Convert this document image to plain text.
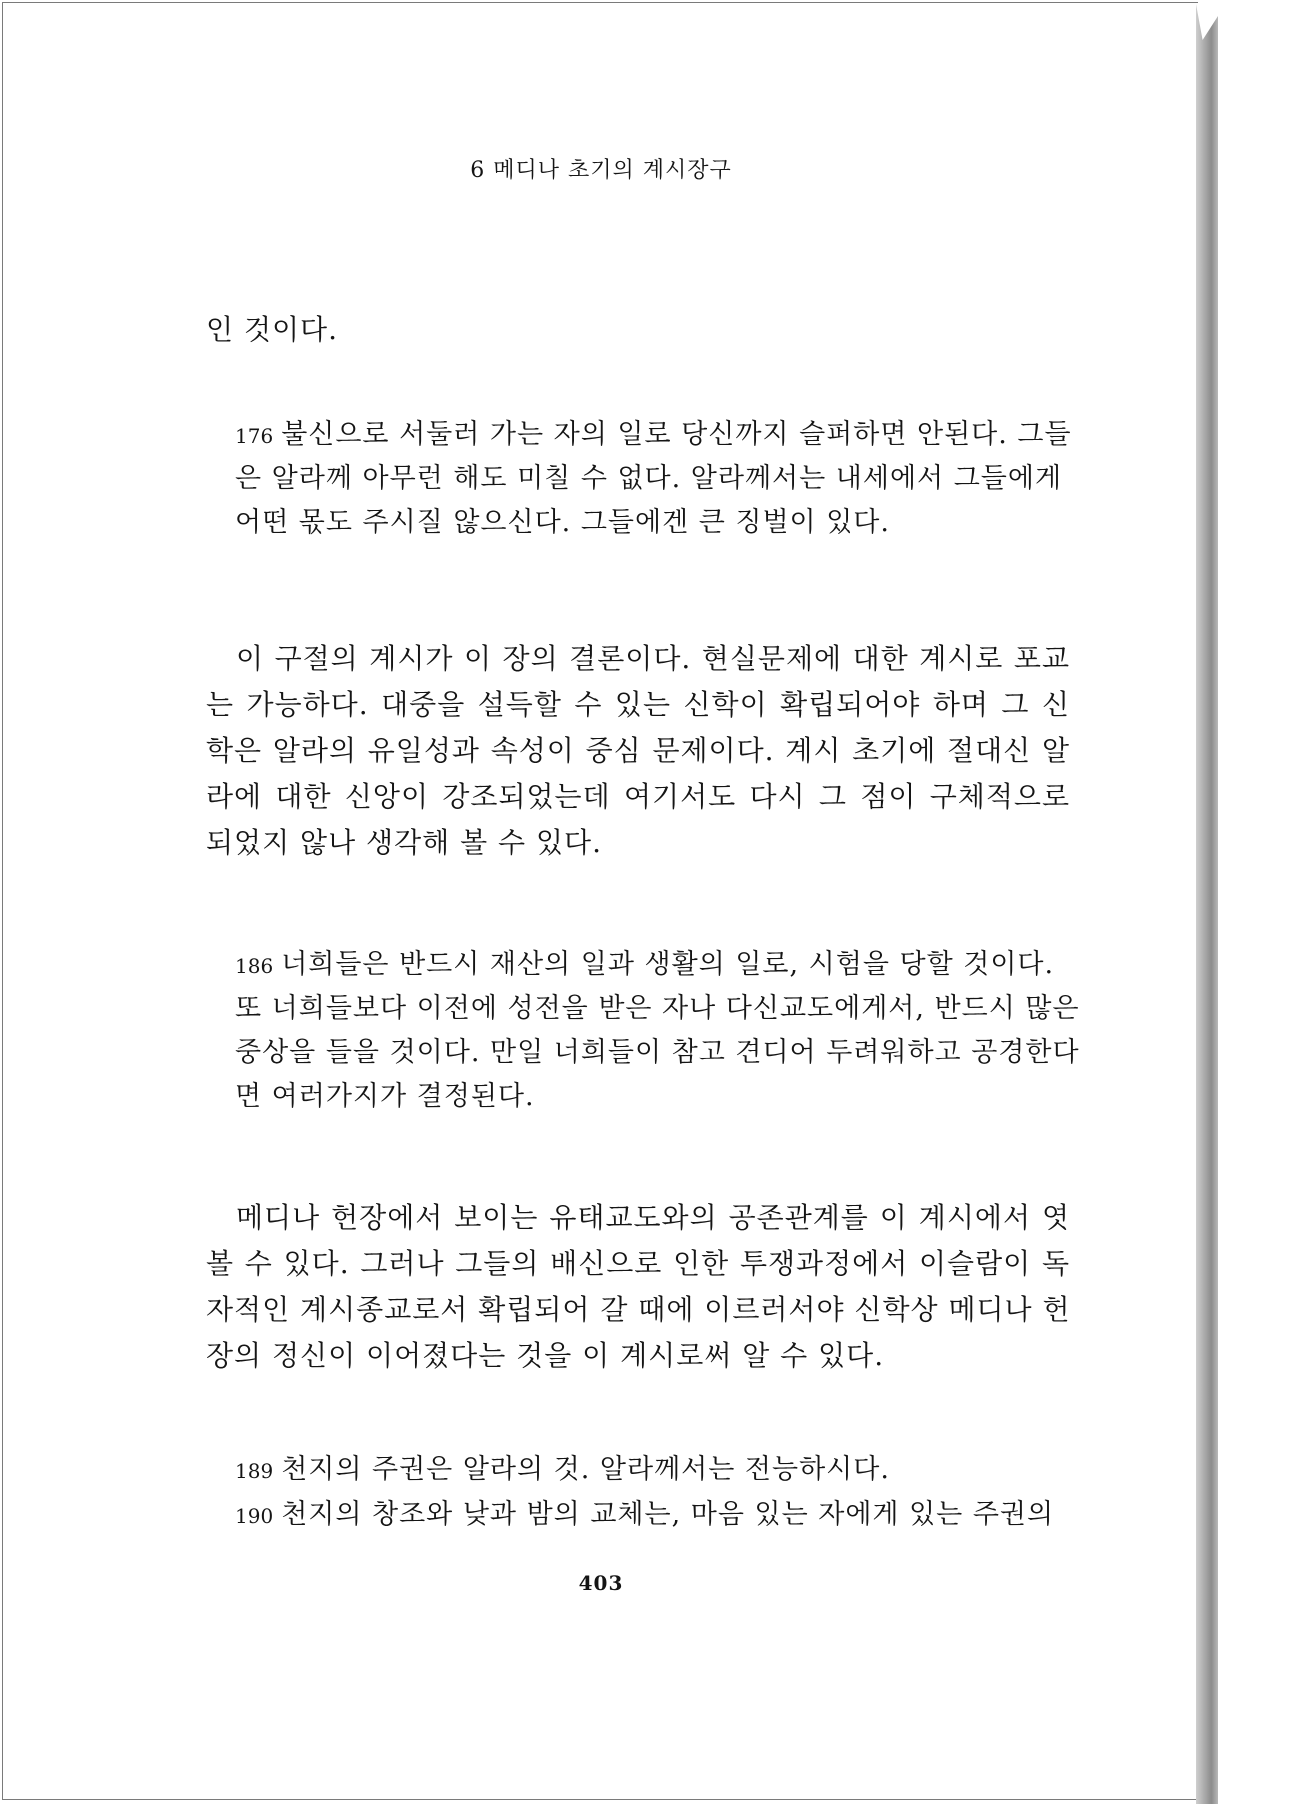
6 메디나 초기의 계시장구
인 것이다.
176 불신으로 서둘러 가는 자의 일로 당신까지 슬퍼하면 안된다. 그들
은 알라께 아무런 해도 미칠 수 없다. 알라께서는 내세에서 그들에게
어떤 몫도 주시질 않으신다. 그들에겐 큰 징벌이 있다.
이 구절의 계시가 이 장의 결론이다. 현실문제에 대한 계시로 포교
는 가능하다. 대중을 설득할 수 있는 신학이 확립되어야 하며 그 신
학은 알라의 유일성과 속성이 중심 문제이다. 계시 초기에 절대신 알
라에 대한 신앙이 강조되었는데 여기서도 다시 그 점이 구체적으로
되었지 않나 생각해 볼 수 있다.
186 너희들은 반드시 재산의 일과 생활의 일로, 시험을 당할 것이다.
또 너희들보다 이전에 성전을 받은 자나 다신교도에게서, 반드시 많은
중상을 들을 것이다. 만일 너희들이 참고 견디어 두려워하고 공경한다
면 여러가지가 결정된다.
메디나 헌장에서 보이는 유태교도와의 공존관계를 이 계시에서 엿
볼 수 있다. 그러나 그들의 배신으로 인한 투쟁과정에서 이슬람이 독
자적인 계시종교로서 확립되어 갈 때에 이르러서야 신학상 메디나 헌
장의 정신이 이어졌다는 것을 이 계시로써 알 수 있다.
189 천지의 주권은 알라의 것. 알라께서는 전능하시다.
190 천지의 창조와 낮과 밤의 교체는, 마음 있는 자에게 있는 주권의
403
